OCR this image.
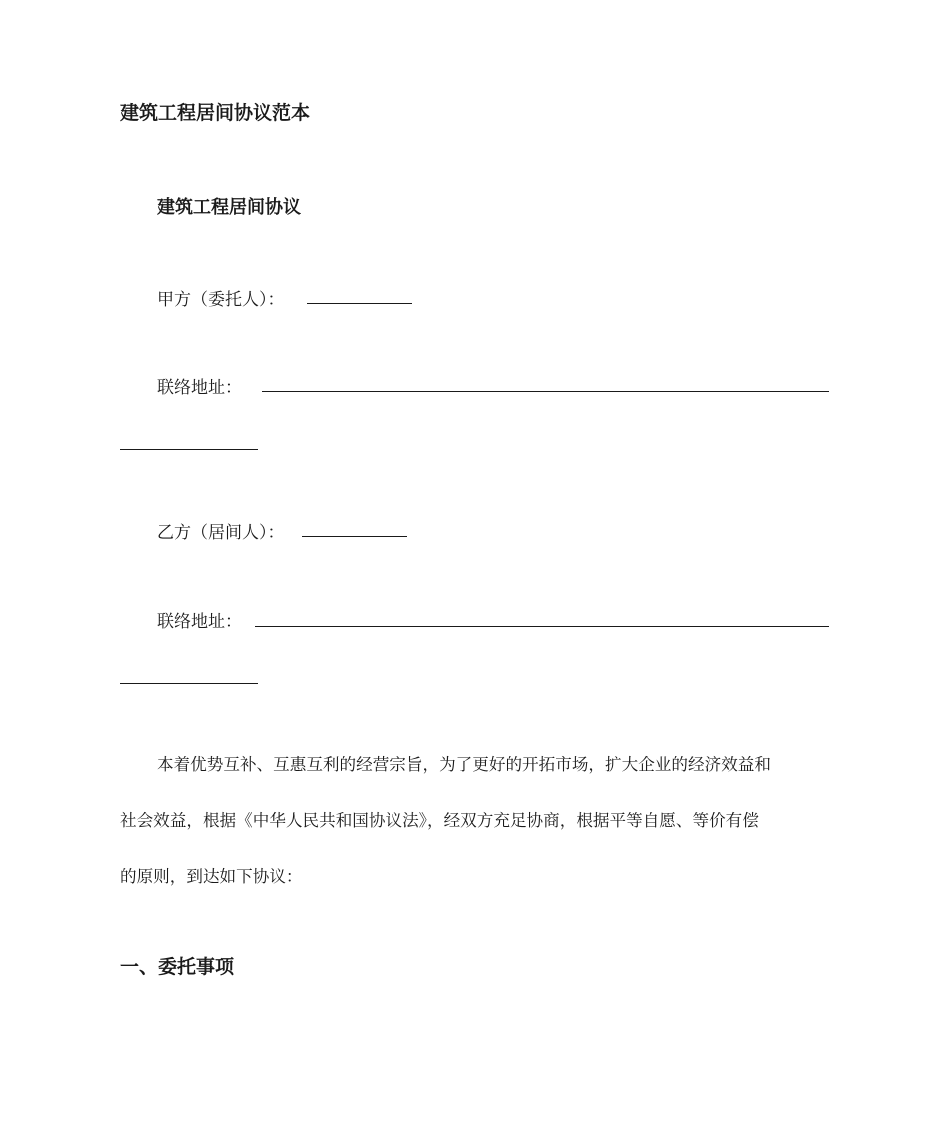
建筑工程居间协议范本
建筑工程居间协议
甲方（委托人）：
联络地址：
乙方（居间人）：
联络地址：
本着优势互补、互惠互利的经营宗旨，为了更好的开拓市场，扩大企业的经济效益和
社会效益，根据《中华人民共和国协议法》，经双方充足协商，根据平等自愿、等价有偿
的原则，到达如下协议：
一、委托事项
